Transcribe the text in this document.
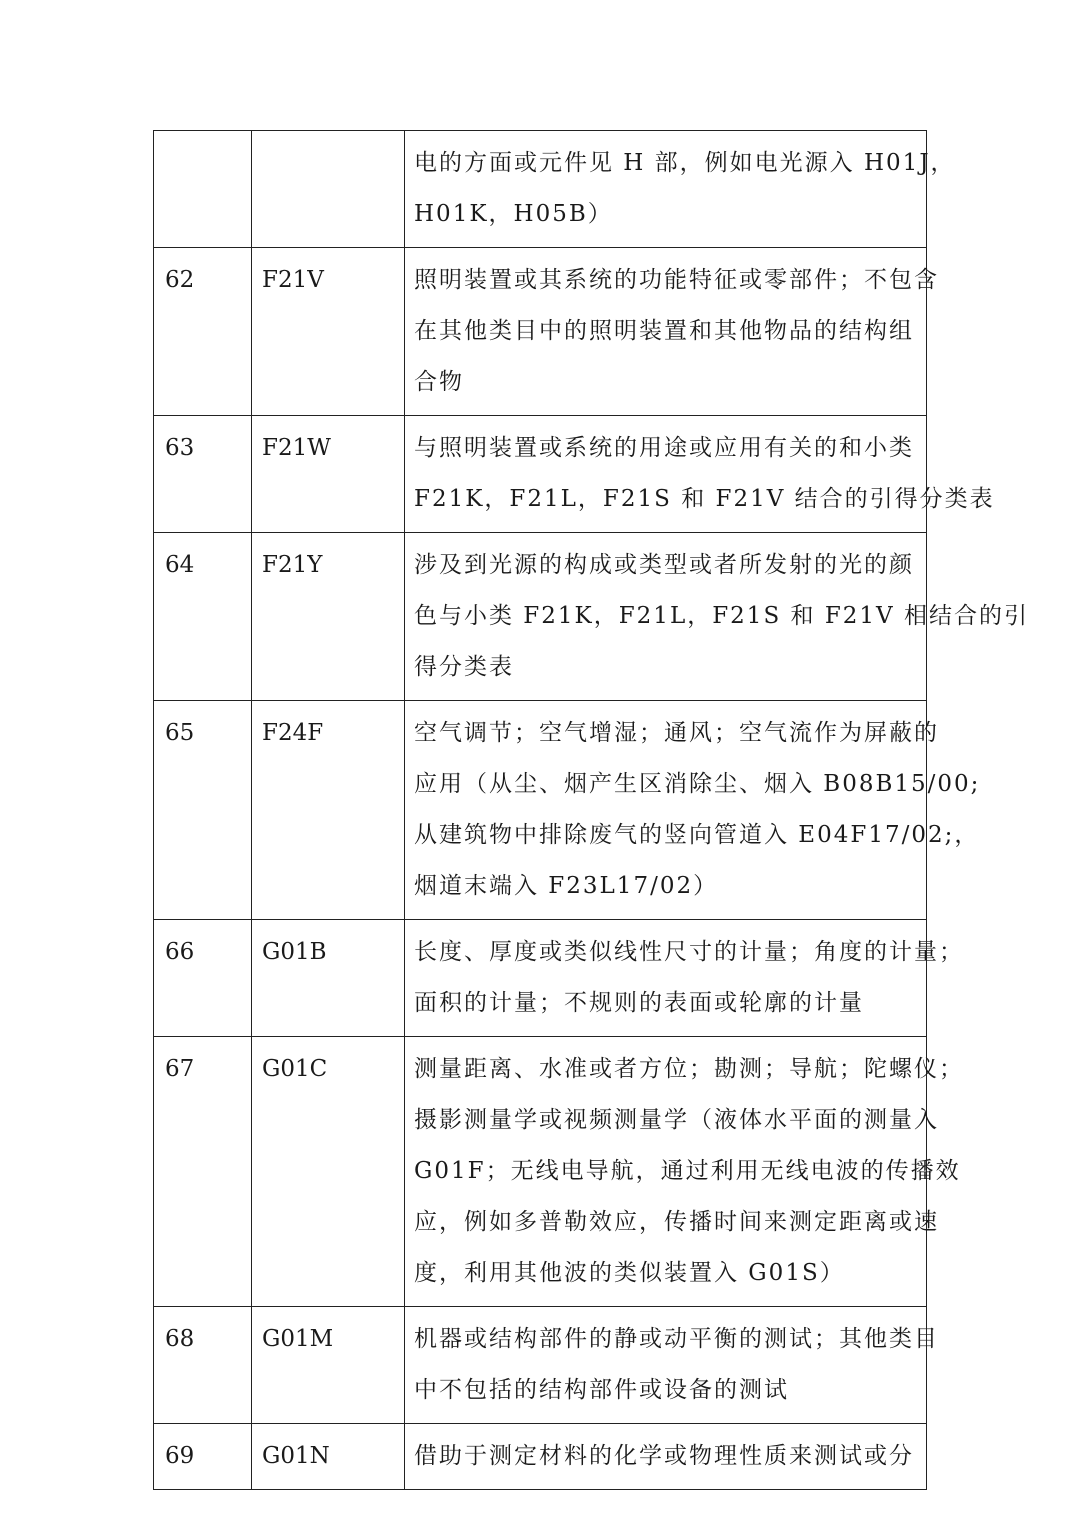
		电的方面或元件见 H 部，例如电光源入 H01J，
H01K，H05B）

62	F21V	照明装置或其系统的功能特征或零部件；不包含
在其他类目中的照明装置和其他物品的结构组
合物

63	F21W	与照明装置或系统的用途或应用有关的和小类
F21K，F21L，F21S 和 F21V 结合的引得分类表

64	F21Y	涉及到光源的构成或类型或者所发射的光的颜
色与小类 F21K，F21L，F21S 和 F21V 相结合的引
得分类表

65	F24F	空气调节；空气增湿；通风；空气流作为屏蔽的
应用（从尘、烟产生区消除尘、烟入 B08B15/00;
从建筑物中排除废气的竖向管道入 E04F17/02;，
烟道末端入 F23L17/02）

66	G01B	长度、厚度或类似线性尺寸的计量；角度的计量；
面积的计量；不规则的表面或轮廓的计量

67	G01C	测量距离、水准或者方位；勘测；导航；陀螺仪；
摄影测量学或视频测量学（液体水平面的测量入
G01F；无线电导航，通过利用无线电波的传播效
应，例如多普勒效应，传播时间来测定距离或速
度，利用其他波的类似装置入 G01S）

68	G01M	机器或结构部件的静或动平衡的测试；其他类目
中不包括的结构部件或设备的测试

69	G01N	借助于测定材料的化学或物理性质来测试或分
